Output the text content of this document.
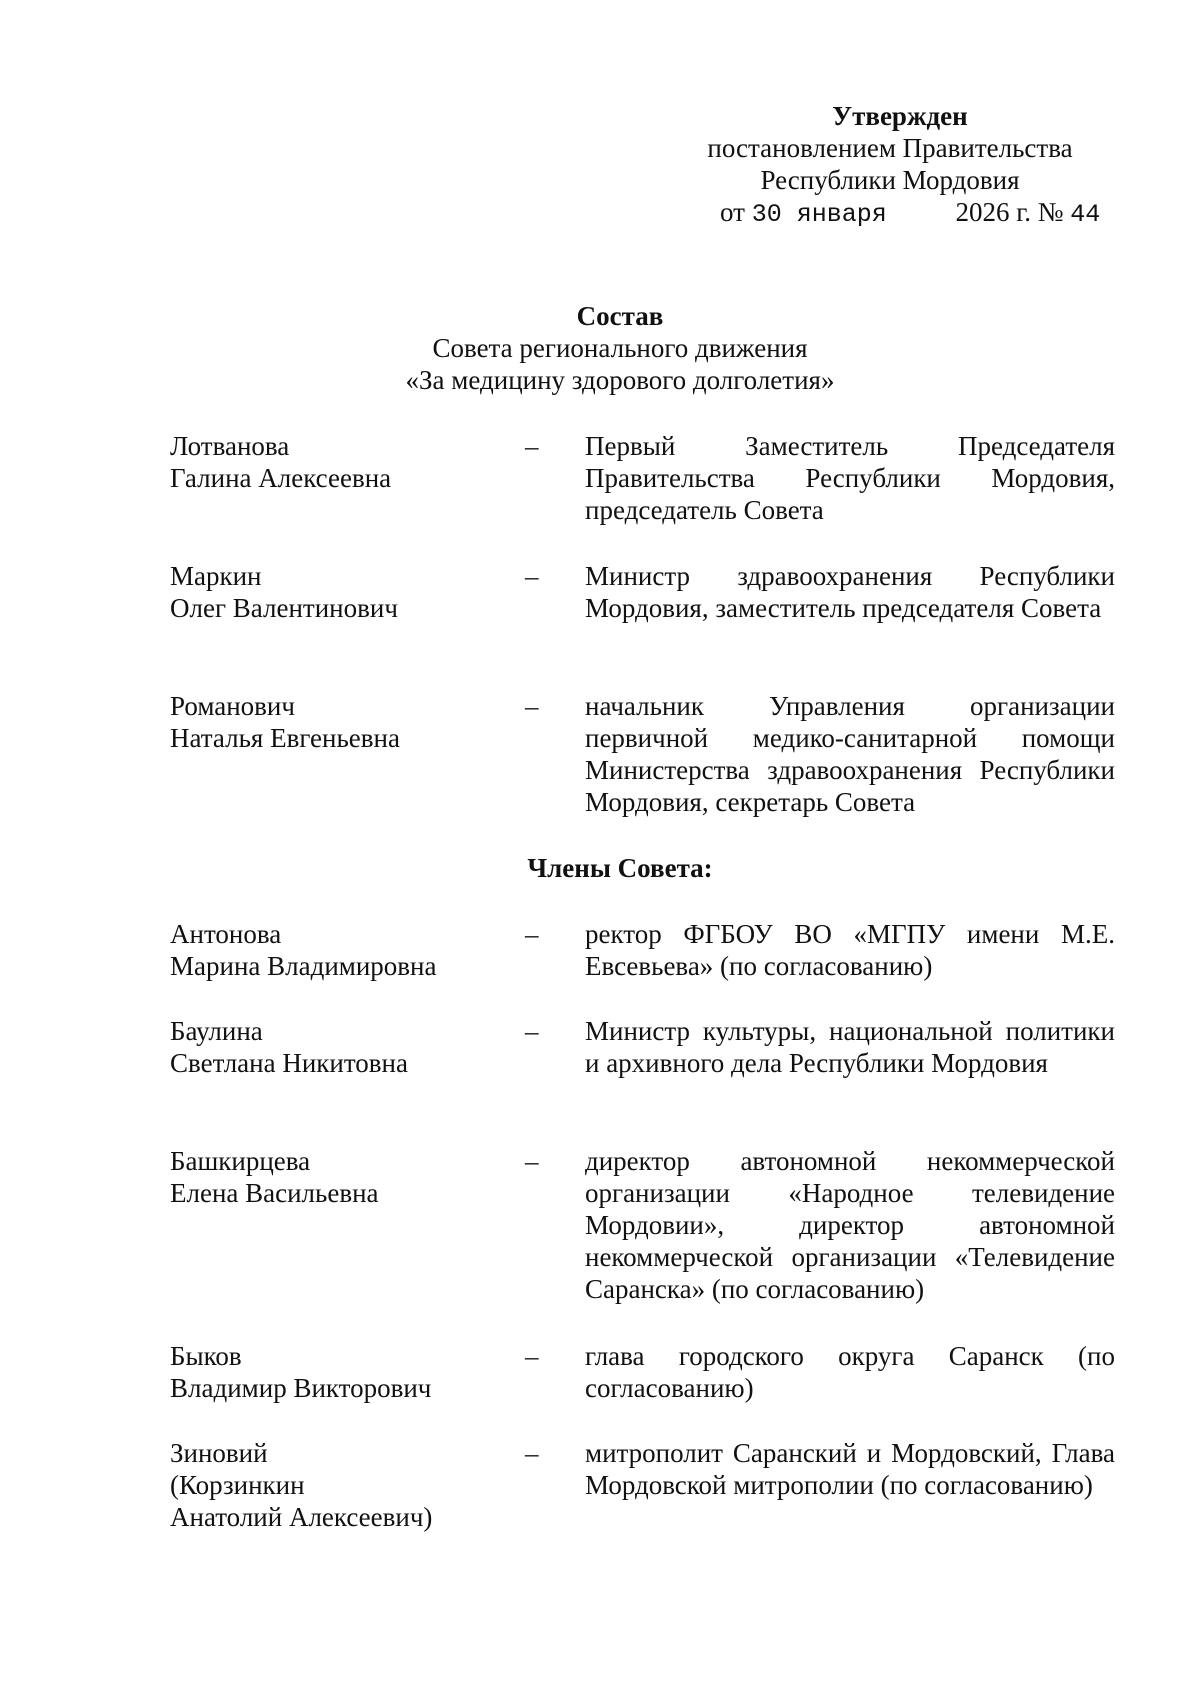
Утвержден
постановлением Правительства
Республики Мордовия
от 30 января	2026 г. № 44
Состав
Совета регионального движения
«За медицину здорового долголетия»
Лотванова
Галина Алексеевна
– Первый Заместитель Председателя Правительства Республики Мордовия, председатель Совета
Маркин
Олег Валентинович
– Министр здравоохранения Республики Мордовия, заместитель председателя Совета
Романович
Наталья Евгеньевна
– начальник Управления организации первичной медико-санитарной помощи Министерства здравоохранения Республики Мордовия, секретарь Совета
Члены Совета:
Антонова
Марина Владимировна
– ректор ФГБОУ ВО «МГПУ имени М.Е. Евсевьева» (по согласованию)
Баулина
Светлана Никитовна
– Министр культуры, национальной политики и архивного дела Республики Мордовия
Башкирцева
Елена Васильевна
– директор автономной некоммерческой организации «Народное телевидение Мордовии», директор автономной некоммерческой организации «Телевидение Саранска» (по согласованию)
Быков
Владимир Викторович
– глава городского округа Саранск (по согласованию)
Зиновий
(Корзинкин
Анатолий Алексеевич)
– митрополит Саранский и Мордовский, Глава Мордовской митрополии (по согласованию)
